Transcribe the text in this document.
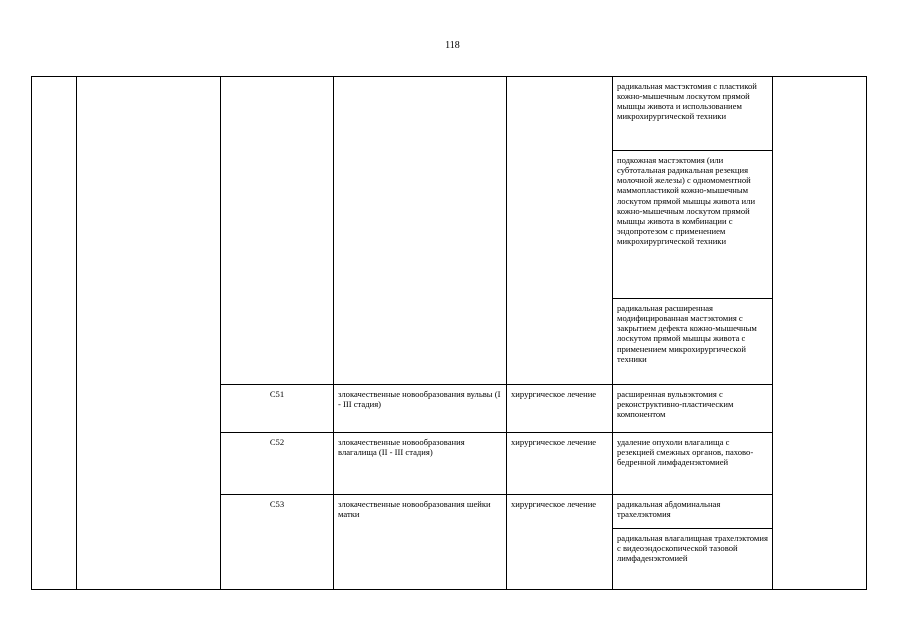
118
					радикальная мастэктомия с пластикой кожно-мышечным лоскутом прямой мышцы живота и использованием микрохирургической техники	
					подкожная мастэктомия (или субтотальная радикальная резекция молочной железы) с одномоментной маммопластикой кожно-мышечным лоскутом прямой мышцы живота или кожно-мышечным лоскутом прямой мышцы живота в комбинации с эндопротезом с применением микрохирургической техники	
					радикальная расширенная модифицированная мастэктомия с закрытием дефекта кожно-мышечным лоскутом прямой мышцы живота с применением микрохирургической техники	
		C51	злокачественные новообразования вульвы (I - III стадия)	хирургическое лечение	расширенная вульвэктомия с реконструктивно-пластическим компонентом	
		C52	злокачественные новообразования влагалища (II - III стадия)	хирургическое лечение	удаление опухоли влагалища с резекцией смежных органов, пахово-бедренной лимфаденэктомией	
		C53	злокачественные новообразования шейки матки	хирургическое лечение	радикальная абдоминальная трахелэктомия	
					радикальная влагалищная трахелэктомия с видеоэндоскопической тазовой лимфаденэктомией	
